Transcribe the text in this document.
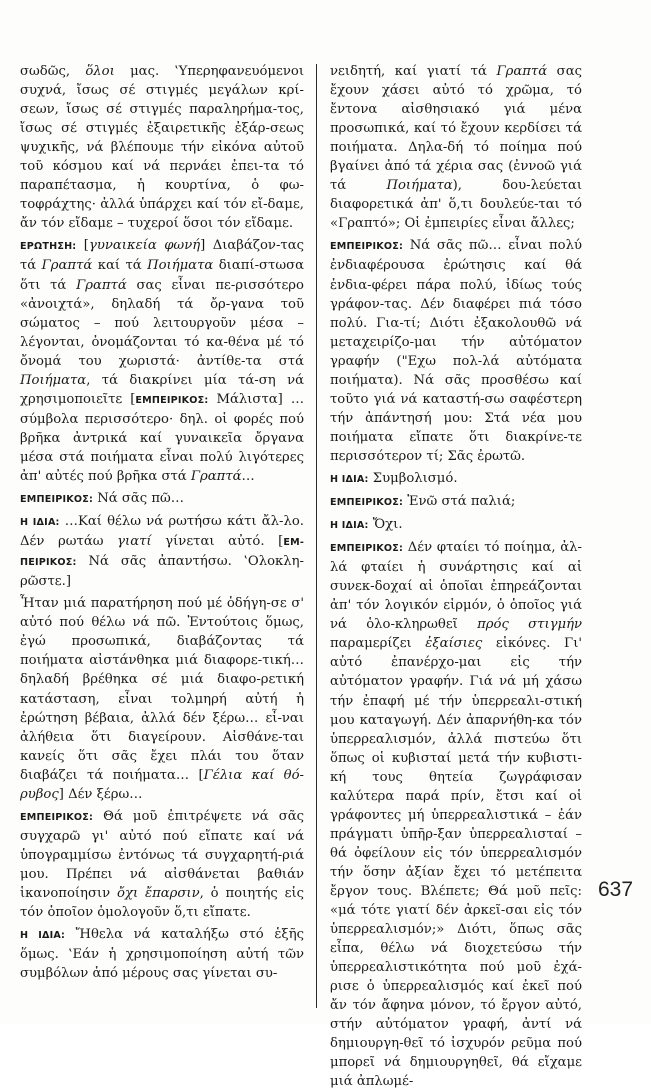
σωδῶς, ὅλοι μας. ‛Υπερηφανευόμενοι συχνά, ἴσως σέ στιγμές μεγάλων κρί-σεων, ἴσως σέ στιγμές παραληρήμα-τος, ἴσως σέ στιγμές ἐξαιρετικῆς ἐξάρ-σεως ψυχικῆς, νά βλέπουμε τήν εἰκόνα αὐτοῦ τοῦ κόσμου καί νά περνάει ἐπει-τα τό παραπέτασμα, ἡ κουρτίνα, ὁ φω-τοφράχτης· ἀλλά ὑπάρχει καί τόν εἴ-δαμε, ἄν τόν εἴδαμε – τυχεροί ὅσοι τόν εἴδαμε.

ΕΡΩΤΗΣΗ: [γυναικεία φωνή] Διαβάζον-τας τά Γραπτά καί τά Ποιήματα διαπί-στωσα ὅτι τά Γραπτά σας εἶναι πε-ρισσότερο «ἀνοιχτά», δηλαδή τά ὄρ-γανα τοῦ σώματος – πού λειτουργοῦν μέσα – λέγονται, ὀνομάζονται τό κα-θένα μέ τό ὄνομά του χωριστά· ἀντίθε-τα στά Ποιήματα, τά διακρίνει μία τά-ση νά χρησιμοποιεῖτε [ΕΜΠΕΙΡΙΚΟΣ: Μάλιστα] …σύμβολα περισσότερο· δηλ. οἱ φορές πού βρῆκα ἀντρικά καί γυναικεῖα ὄργανα μέσα στά ποιήματα εἶναι πολύ λιγότερες ἀπ' αὐτές πού βρῆκα στά Γραπτά…

ΕΜΠΕΙΡΙΚΟΣ: Νά σᾶς πῶ…

Η ΙΔΙΑ: …Καί θέλω νά ρωτήσω κάτι ἄλ-λο. Δέν ρωτάω γιατί γίνεται αὐτό. [ΕΜ-ΠΕΙΡΙΚΟΣ: Νά σᾶς ἀπαντήσω. ‛Ολοκλη-ρῶστε.]

Ἦταν μιά παρατήρηση πού μέ ὁδήγη-σε σ' αὐτό πού θέλω νά πῶ. Ἐντούτοις ὅμως, ἐγώ προσωπικά, διαβάζοντας τά ποιήματα αἰστάνθηκα μιά διαφορε-τική… δηλαδή βρέθηκα σέ μιά διαφο-ρετική κατάσταση, εἶναι τολμηρή αὐτή ἡ ἐρώτηση βέβαια, ἀλλά δέν ξέρω… εἶ-ναι ἀλήθεια ὅτι διαγείρουν. Αἰσθάνε-ται κανείς ὅτι σᾶς ἔχει πλάι του ὅταν διαβάζει τά ποιήματα… [Γέλια καί θό-ρυβος] Δέν ξέρω…

ΕΜΠΕΙΡΙΚΟΣ: Θά μοῦ ἐπιτρέψετε νά σᾶς συγχαρῶ γι' αὐτό πού εἴπατε καί νά ὑπογραμμίσω ἐντόνως τά συγχαρητή-ριά μου. Πρέπει νά αἰσθάνεται βαθιάν ἱκανοποίησιν ὄχι ἔπαρσιν, ὁ ποιητής εἰς τόν ὁποῖον ὁμολογοῦν ὅ,τι εἴπατε.

Η ΙΔΙΑ: Ἤθελα νά καταλήξω στό ἑξῆς ὅμως. ‛Εάν ἡ χρησιμοποίηση αὐτή τῶν συμβόλων ἀπό μέρους σας γίνεται συ-

νειδητή, καί γιατί τά Γραπτά σας ἔχουν χάσει αὐτό τό χρῶμα, τό ἔντονα αἰσθησιακό γιά μένα προσωπικά, καί τό ἔχουν κερδίσει τά ποιήματα. Δηλα-δή τό ποίημα πού βγαίνει ἀπό τά χέρια σας (ἐννοῶ γιά τά Ποιήματα), δου-λεύεται διαφορετικά ἀπ' ὅ,τι δουλεύε-ται τό «Γραπτό»; Οἱ ἐμπειρίες εἶναι ἄλλες;

ΕΜΠΕΙΡΙΚΟΣ: Νά σᾶς πῶ… εἶναι πολύ ἐνδιαφέρουσα ἐρώτησις καί θά ἐνδια-φέρει πάρα πολύ, ἰδίως τούς γράφον-τας. Δέν διαφέρει πιά τόσο πολύ. Για-τί; Διότι ἐξακολουθῶ νά μεταχειρίζο-μαι τήν αὐτόματον γραφήν ("Εχω πολ-λά αὐτόματα ποιήματα). Νά σᾶς προσθέσω καί τοῦτο γιά νά καταστή-σω σαφέστερη τήν ἀπάντησή μου: Στά νέα μου ποιήματα εἴπατε ὅτι διακρίνε-τε περισσότερον τί; Σᾶς ἐρωτῶ.

Η ΙΔΙΑ: Συμβολισμό.

ΕΜΠΕΙΡΙΚΟΣ: Ἐνῶ στά παλιά;

Η ΙΔΙΑ: Ὄχι.

ΕΜΠΕΙΡΙΚΟΣ: Δέν φταίει τό ποίημα, ἀλ-λά φταίει ἡ συνάρτησις καί αἱ συνεκ-δοχαί αἱ ὁποῖαι ἐπηρεάζονται ἀπ' τόν λογικόν εἱρμόν, ὁ ὁποῖος γιά νά ὁλο-κληρωθεῖ πρός στιγμήν παραμερίζει ἐξαίσιες εἰκόνες. Γι' αὐτό ἐπανέρχο-μαι εἰς τήν αὐτόματον γραφήν. Γιά νά μή χάσω τήν ἐπαφή μέ τήν ὑπερρεαλι-στική μου καταγωγή. Δέν ἀπαρνήθη-κα τόν ὑπερρεαλισμόν, ἀλλά πιστεύω ὅτι ὅπως οἱ κυβισταί μετά τήν κυβιστι-κή τους θητεία ζωγράφισαν καλύτερα παρά πρίν, ἔτσι καί οἱ γράφοντες μή ὑπερρεαλιστικά – ἐάν πράγματι ὑπῆρ-ξαν ὑπερρεαλισταί – θά ὀφείλουν εἰς τόν ὑπερρεαλισμόν τήν ὅσην ἀξίαν ἔχει τό μετέπειτα ἔργον τους. Βλέπετε; Θά μοῦ πεῖς: «μά τότε γιατί δέν ἀρκεῖ-σαι εἰς τόν ὑπερρεαλισμόν;» Διότι, ὅπως σᾶς εἶπα, θέλω νά διοχετεύσω τήν ὑπερρεαλιστικότητα πού μοῦ ἐχά-ρισε ὁ ὑπερρεαλισμός καί ἐκεῖ πού ἄν τόν ἄφηνα μόνον, τό ἔργον αὐτό, στήν αὐτόματον γραφή, ἀντί νά δημιουργη-θεῖ τό ἰσχυρόν ρεῦμα πού μπορεῖ νά δημιουργηθεῖ, θά εἴχαμε μιά ἀπλωμέ-

637
